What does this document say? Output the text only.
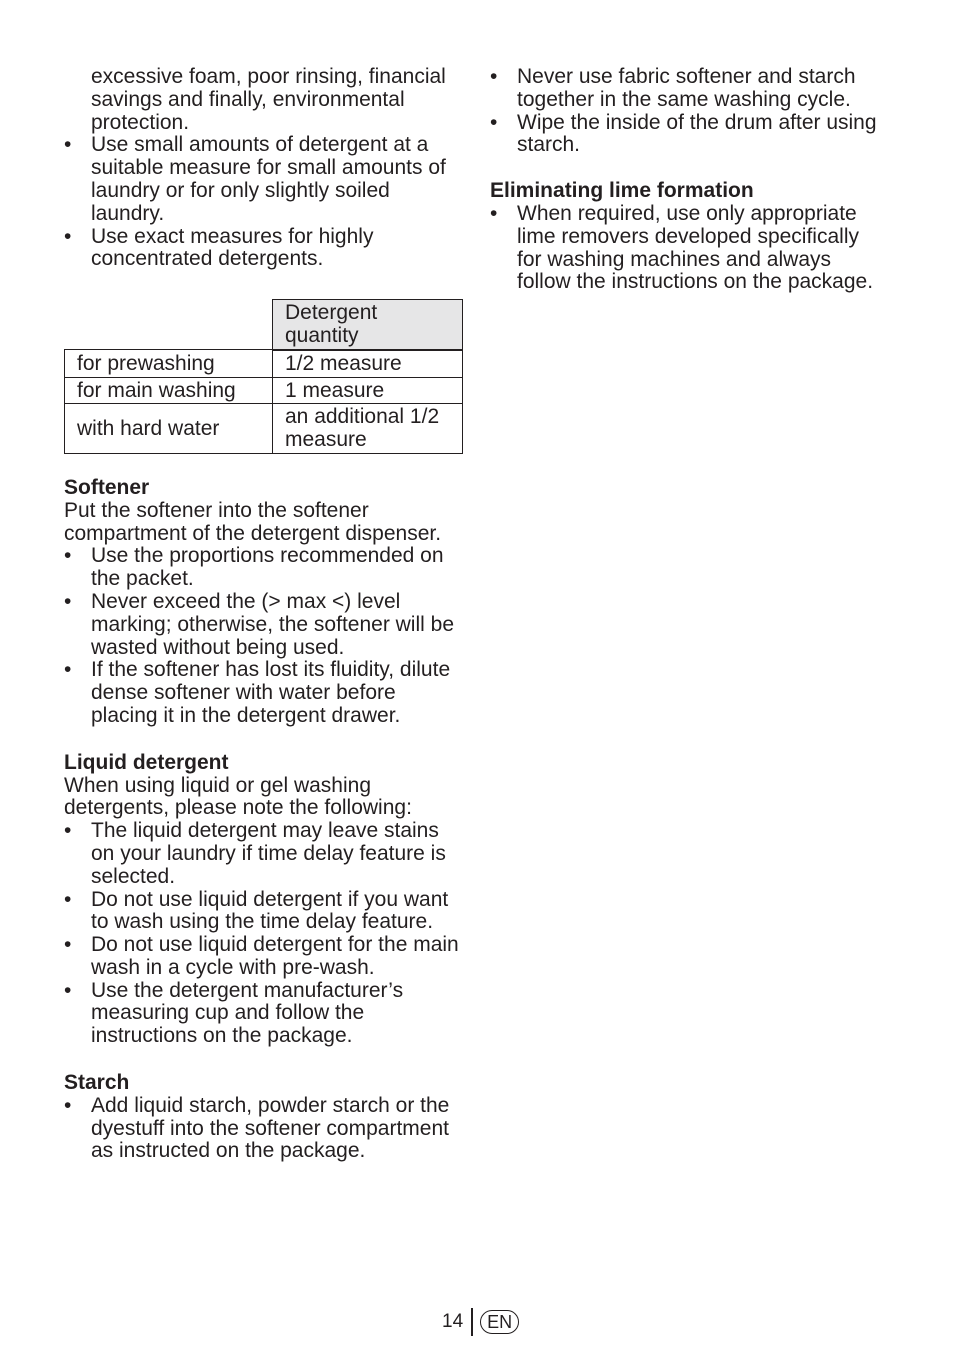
excessive foam, poor rinsing, financial savings and finally, environmental protection.

• Use small amounts of detergent at a suitable measure for small amounts of laundry or for only slightly soiled laundry.
• Use exact measures for highly concentrated detergents.
	Detergent quantity
for prewashing	1/2 measure
for main washing	1 measure
with hard water	an additional 1/2 measure
Softener

Put the softener into the softener compartment of the detergent dispenser.

• Use the proportions recommended on the packet.
• Never exceed the (> max <) level marking; otherwise, the softener will be wasted without being used.
• If the softener has lost its fluidity, dilute dense softener with water before placing it in the detergent drawer.
Liquid detergent

When using liquid or gel washing detergents, please note the following:

• The liquid detergent may leave stains on your laundry if time delay feature is selected.
• Do not use liquid detergent if you want to wash using the time delay feature.
• Do not use liquid detergent for the main wash in a cycle with pre-wash.
• Use the detergent manufacturer’s measuring cup and follow the instructions on the package.
Starch
• Add liquid starch, powder starch or the dyestuff into the softener compartment as instructed on the package.
• Never use fabric softener and starch together in the same washing cycle.
• Wipe the inside of the drum after using starch.
Eliminating lime formation
• When required, use only appropriate lime removers developed specifically for washing machines and always follow the instructions on the package.
14	EN
